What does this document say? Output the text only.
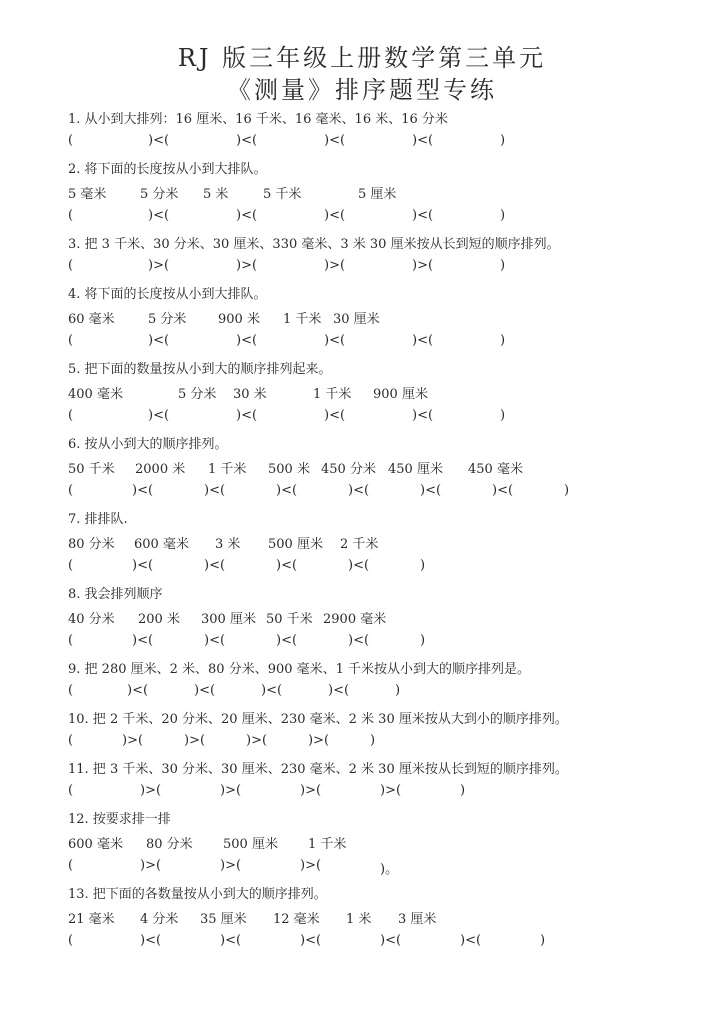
RJ 版三年级上册数学第三单元
《测量》排序题型专练
1. 从小到大排列：16 厘米、16 千米、16 毫米、16 米、16 分米
(	)<(	)<(	)<(	)<(	)
2. 将下面的长度按从小到大排队。
5 毫米	5 分米 5 米	5 千米	5 厘米
(	)<(	)<(	)<(	)<(	)
3. 把 3 千米、30 分米、30 厘米、330 毫米、3 米 30 厘米按从长到短的顺序排列。
(	)>(	)>(	)>(	)>(	)
4. 将下面的长度按从小到大排队。
60 毫米	5 分米 900 米 1 千米 30 厘米
(	)<(	)<(	)<(	)<(	)
5. 把下面的数量按从小到大的顺序排列起来。
400 毫米	5 分米 30 米	1 千米 900 厘米
(	)<(	)<(	)<(	)<(	)
6. 按从小到大的顺序排列。
50 千米 2000 米 1 千米 500 米 450 分米 450 厘米 450 毫米
(	)<(	)<(	)<(	)<(	)<(	)<(	)
7. 排排队.
80 分米 600 毫米 3 米 500 厘米 2 千米
(	)<(	)<(	)<(	)<(	)
8. 我会排列顺序
40 分米 200 米 300 厘米 50 千米 2900 毫米
(	)<(	)<(	)<(	)<(	)
9. 把 280 厘米、2 米、80 分米、900 毫米、1 千米按从小到大的顺序排列是。
(	)<(	)<(	)<(	)<(	)
10. 把 2 千米、20 分米、20 厘米、230 毫米、2 米 30 厘米按从大到小的顺序排列。
(	)>(	)>(	)>(	)>(	)
11. 把 3 千米、30 分米、30 厘米、230 毫米、2 米 30 厘米按从长到短的顺序排列。
(	)>(	)>(	)>(	)>(	)
12. 按要求排一排
600 毫米 80 分米 500 厘米 1 千米
(	)>(	)>(	)>(	)。
13. 把下面的各数量按从小到大的顺序排列。
21 毫米 4 分米 35 厘米 12 毫米 1 米 3 厘米
(	)<(	)<(	)<(	)<(	)<(	)
